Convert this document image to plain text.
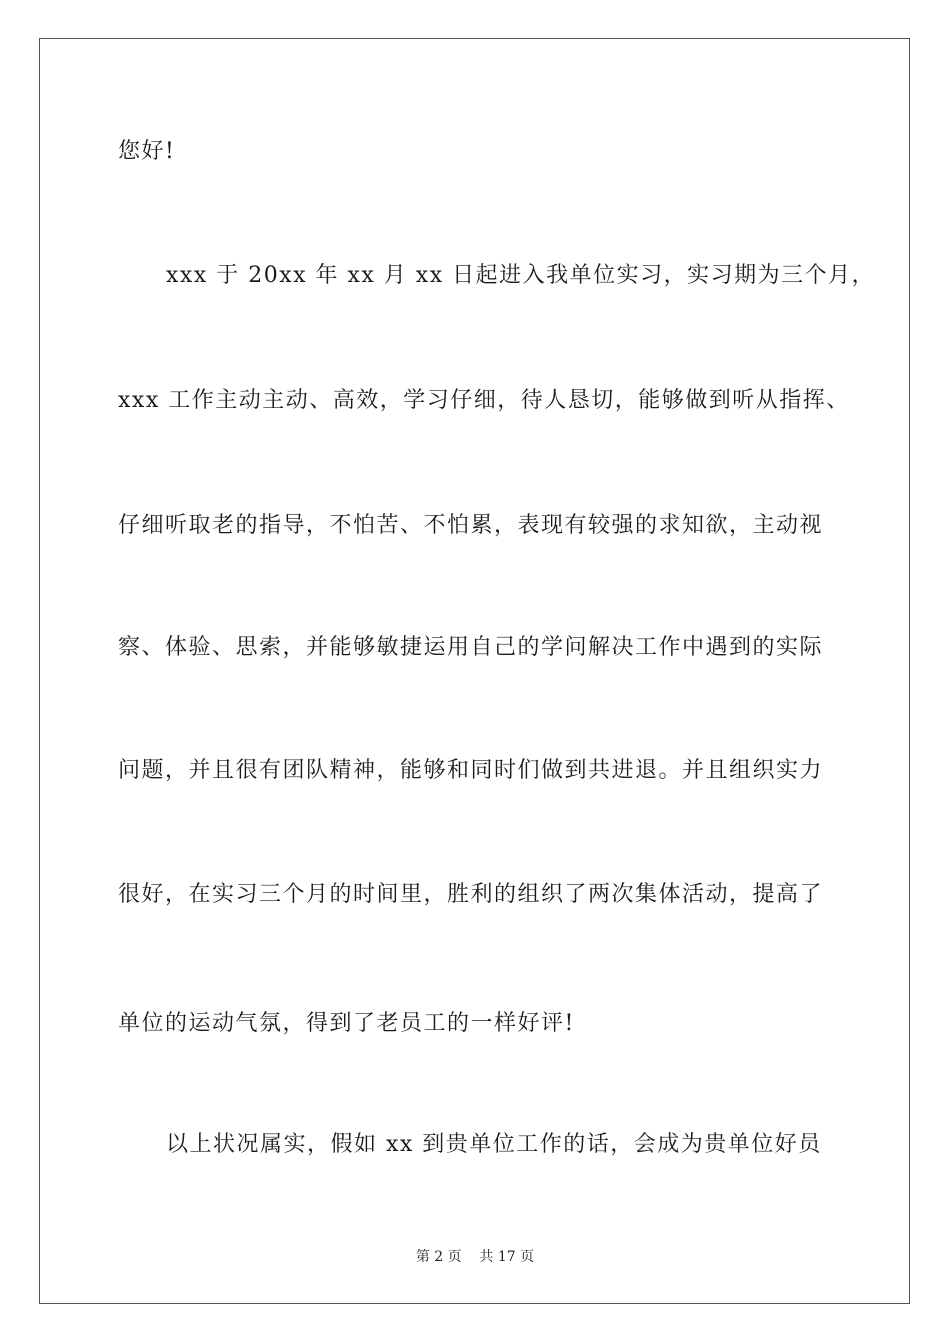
您好!
xxx 于 20xx 年 xx 月 xx 日起进入我单位实习，实习期为三个月，
xxx 工作主动主动、高效，学习仔细，待人恳切，能够做到听从指挥、
仔细听取老的指导，不怕苦、不怕累，表现有较强的求知欲，主动视
察、体验、思索，并能够敏捷运用自己的学问解决工作中遇到的实际
问题，并且很有团队精神，能够和同时们做到共进退。并且组织实力
很好，在实习三个月的时间里，胜利的组织了两次集体活动，提高了
单位的运动气氛，得到了老员工的一样好评!
以上状况属实，假如 xx 到贵单位工作的话，会成为贵单位好员
第 2 页    共 17 页
